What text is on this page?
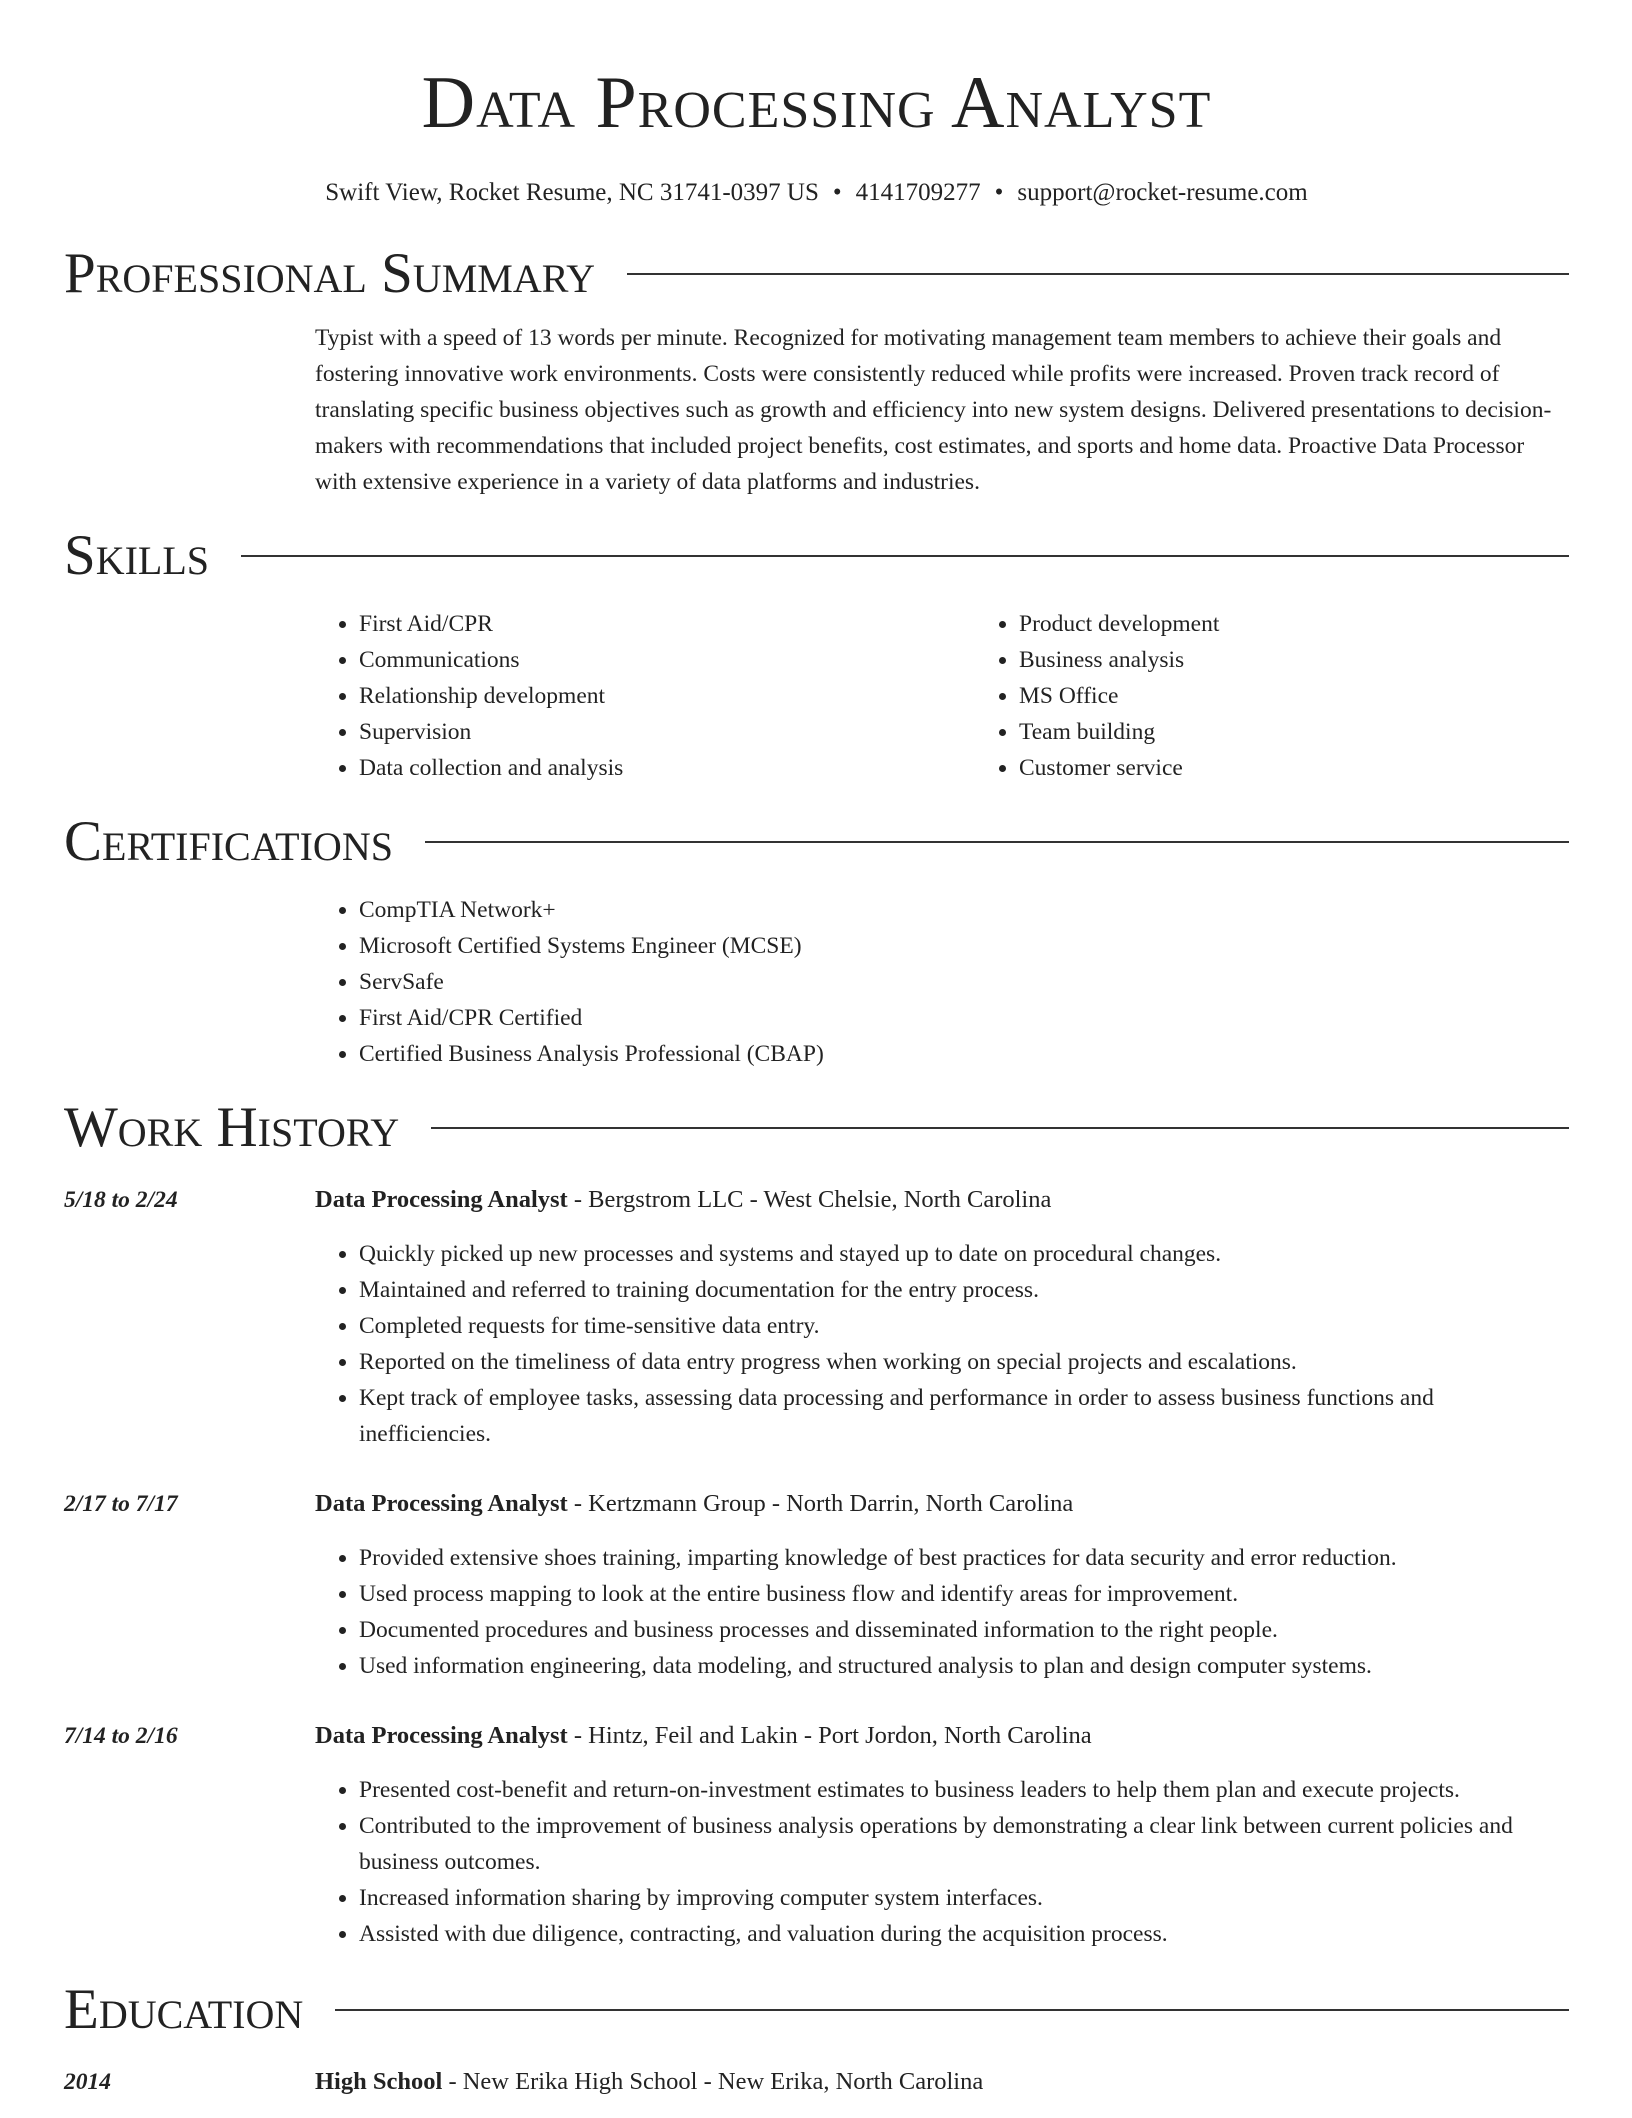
Data Processing Analyst
Swift View, Rocket Resume, NC 31741-0397 US • 4141709277 • support@rocket-resume.com
Professional Summary

Typist with a speed of 13 words per minute. Recognized for motivating management team members to achieve their goals and fostering innovative work environments. Costs were consistently reduced while profits were increased. Proven track record of translating specific business objectives such as growth and efficiency into new system designs. Delivered presentations to decision-makers with recommendations that included project benefits, cost estimates, and sports and home data. Proactive Data Processor with extensive experience in a variety of data platforms and industries.

Skills
• First Aid/CPR
• Communications
• Relationship development
• Supervision
• Data collection and analysis
• Product development
• Business analysis
• MS Office
• Team building
• Customer service
Certifications
• CompTIA Network+
• Microsoft Certified Systems Engineer (MCSE)
• ServSafe
• First Aid/CPR Certified
• Certified Business Analysis Professional (CBAP)
Work History
5/18 to 2/24	Data Processing Analyst - Bergstrom LLC - West Chelsie, North Carolina

• Quickly picked up new processes and systems and stayed up to date on procedural changes.
• Maintained and referred to training documentation for the entry process.
• Completed requests for time-sensitive data entry.
• Reported on the timeliness of data entry progress when working on special projects and escalations.
• Kept track of employee tasks, assessing data processing and performance in order to assess business functions and inefficiencies.
2/17 to 7/17	Data Processing Analyst - Kertzmann Group - North Darrin, North Carolina

• Provided extensive shoes training, imparting knowledge of best practices for data security and error reduction.
• Used process mapping to look at the entire business flow and identify areas for improvement.
• Documented procedures and business processes and disseminated information to the right people.
• Used information engineering, data modeling, and structured analysis to plan and design computer systems.
7/14 to 2/16	Data Processing Analyst - Hintz, Feil and Lakin - Port Jordon, North Carolina

• Presented cost-benefit and return-on-investment estimates to business leaders to help them plan and execute projects.
• Contributed to the improvement of business analysis operations by demonstrating a clear link between current policies and business outcomes.
• Increased information sharing by improving computer system interfaces.
• Assisted with due diligence, contracting, and valuation during the acquisition process.
Education
2014	High School - New Erika High School - New Erika, North Carolina
